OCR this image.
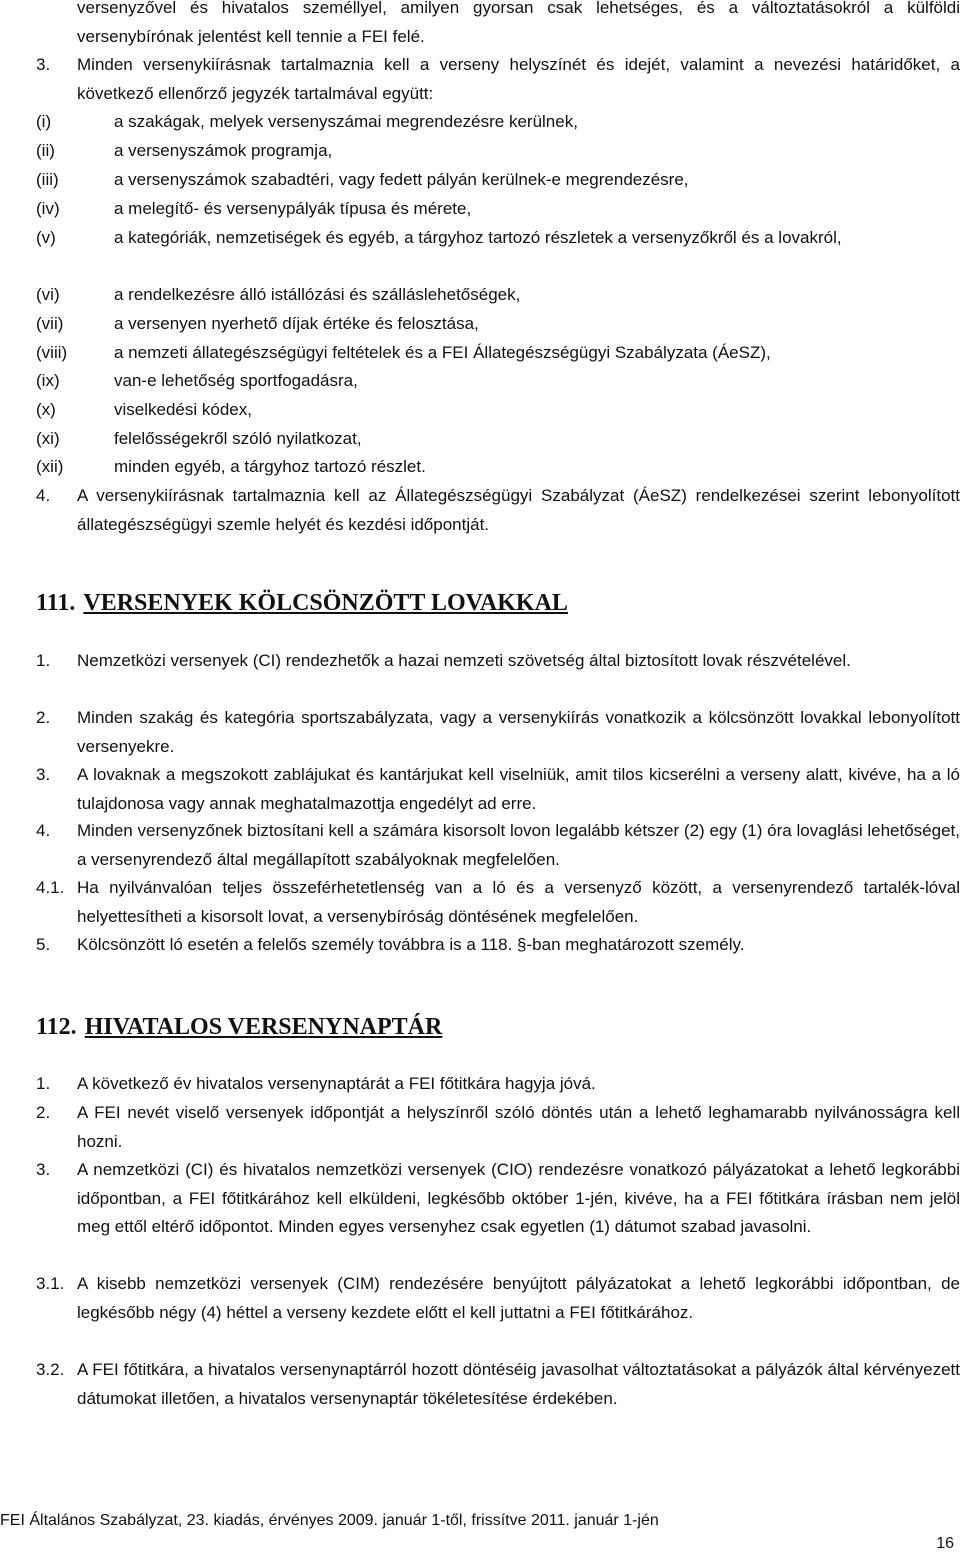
versenyzővel és hivatalos személlyel, amilyen gyorsan csak lehetséges, és a változtatásokról a külföldi versenybírónak jelentést kell tennie a FEI felé.
3. Minden versenykiírásnak tartalmaznia kell a verseny helyszínét és idejét, valamint a nevezési határidőket, a következő ellenőrző jegyzék tartalmával együtt:
(i)	a szakágak, melyek versenyszámai megrendezésre kerülnek,
(ii)	a versenyszámok programja,
(iii)	a versenyszámok szabadtéri, vagy fedett pályán kerülnek-e megrendezésre,
(iv)	a melegítő- és versenypályák típusa és mérete,
(v)	a kategóriák, nemzetiségek és egyéb, a tárgyhoz tartozó részletek a versenyzőkről és a lovakról,
(vi)	a rendelkezésre álló istállózási és szálláslehetőségek,
(vii)	a versenyen nyerhető díjak értéke és felosztása,
(viii)	a nemzeti állategészségügyi feltételek és a FEI Állategészségügyi Szabályzata (ÁeSZ),
(ix)	van-e lehetőség sportfogadásra,
(x)	viselkedési kódex,
(xi)	felelősségekről szóló nyilatkozat,
(xii)	minden egyéb, a tárgyhoz tartozó részlet.
4. A versenykiírásnak tartalmaznia kell az Állategészségügyi Szabályzat (ÁeSZ) rendelkezései szerint lebonyolított állategészségügyi szemle helyét és kezdési időpontját.
111. VERSENYEK KÖLCSÖNZÖTT LOVAKKAL
1. Nemzetközi versenyek (CI) rendezhetők a hazai nemzeti szövetség által biztosított lovak részvételével.
2. Minden szakág és kategória sportszabályzata, vagy a versenykiírás vonatkozik a kölcsönzött lovakkal lebonyolított versenyekre.
3. A lovaknak a megszokott zablájukat és kantárjukat kell viselniük, amit tilos kicserélni a verseny alatt, kivéve, ha a ló tulajdonosa vagy annak meghatalmazottja engedélyt ad erre.
4. Minden versenyzőnek biztosítani kell a számára kisorsolt lovon legalább kétszer (2) egy (1) óra lovaglási lehetőséget, a versenyrendező által megállapított szabályoknak megfelelően.
4.1. Ha nyilvánvalóan teljes összeférhetetlenség van a ló és a versenyző között, a versenyrendező tartalék-lóval helyettesítheti a kisorsolt lovat, a versenybíróság döntésének megfelelően.
5. Kölcsönzött ló esetén a felelős személy továbbra is a 118. §-ban meghatározott személy.
112. HIVATALOS VERSENYNAPTÁR
1. A következő év hivatalos versenynaptárát a FEI főtitkára hagyja jóvá.
2. A FEI nevét viselő versenyek időpontját a helyszínről szóló döntés után a lehető leghamarabb nyilvánosságra kell hozni.
3. A nemzetközi (CI) és hivatalos nemzetközi versenyek (CIO) rendezésre vonatkozó pályázatokat a lehető legkorábbi időpontban, a FEI főtitkárához kell elküldeni, legkésőbb október 1-jén, kivéve, ha a FEI főtitkára írásban nem jelöl meg ettől eltérő időpontot. Minden egyes versenyhez csak egyetlen (1) dátumot szabad javasolni.
3.1. A kisebb nemzetközi versenyek (CIM) rendezésére benyújtott pályázatokat a lehető legkorábbi időpontban, de legkésőbb négy (4) héttel a verseny kezdete előtt el kell juttatni a FEI főtitkárához.
3.2. A FEI főtitkára, a hivatalos versenynaptárról hozott döntéséig javasolhat változtatásokat a pályázók által kérvényezett dátumokat illetően, a hivatalos versenynaptár tökéletesítése érdekében.
FEI Általános Szabályzat, 23. kiadás, érvényes 2009. január 1-től, frissítve 2011. január 1-jén
16
